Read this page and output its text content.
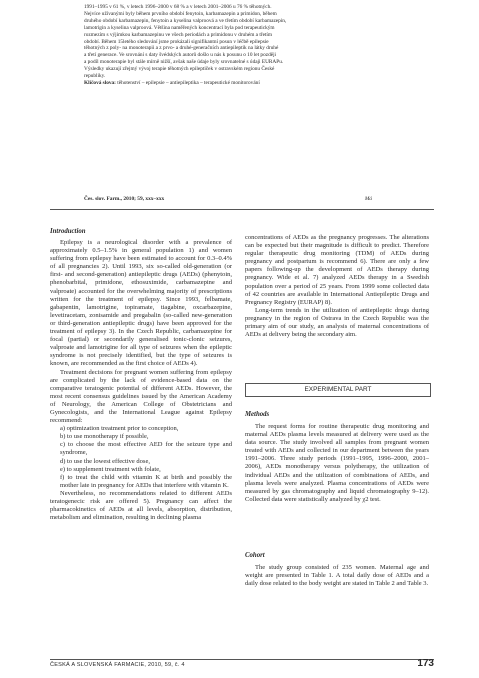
1991–1995 v 61 %, v letech 1996–2000 v 68 % a v letech 2001–2006 u 76 % těhotných.

Nejvíce užívanými byly během prvního období fenytoin, karbamazepin a primidon, během

druhého období karbamazepin, fenytoin a kyselina valproová a ve třetím období karbamazepin,

lamotrigin a kyselina valproová. Většina naměřených koncentrací byla pod terapeutickým

rozmezím s výjimkou karbamazepinu ve všech periodách a primidonu v druhém a třetím

období. Během 15letého sledování jsme prokázali signifikantní posun v léčbě epilepsie

těhotných z poly- na monoterapii a z prvo- a druhé-generačních antiepileptik na látky druhé

a třetí generace. Ve srovnání s daty švédských autorů došlo u nás k posunu o 10 let později

a podíl monoterapie byl stále mírně nižší, avšak naše údaje byly srovnatelné s údaji EURAPu.

Výsledky ukazují zřejmý vývoj terapie těhotných epileptiček v ostravském regionu České

republiky.

Klíčová slova: těhotenství – epilepsie – antiepileptika – terapeutické monitorování

Čes. slov. Farm., 2010; 59, xxx–xxx	Má
Introduction

Epilepsy is a neurological disorder with a prevalence of approximately 0.5–1.5% in general population 1) and women suffering from epilepsy have been estimated to account for 0.3–0.4% of all pregnancies 2). Until 1993, six so-called old-generation (or first- and second-generation) antiepileptic drugs (AEDs) (phenytoin, phenobarbital, primidone, ethosuximide, carbamazepine and valproate) accounted for the overwhelming majority of prescriptions written for the treatment of epilepsy. Since 1993, felbamate, gabapentin, lamotrigine, topiramate, tiagabine, oxcarbazepine, levetiracetam, zonisamide and pregabalin (so-called new-generation or third-generation antiepileptic drugs) have been approved for the treatment of epilepsy 3). In the Czech Republic, carbamazepine for focal (partial) or secondarily generalised tonic-clonic seizures, valproate and lamotrigine for all type of seizures when the epileptic syndrome is not precisely identified, but the type of seizures is known, are recommended as the first choice of AEDs 4).

Treatment decisions for pregnant women suffering from epilepsy are complicated by the lack of evidence-based data on the comparative teratogenic potential of different AEDs. However, the most recent consensus guidelines issued by the American Academy of Neurology, the American College of Obstetricians and Gynecologists, and the International League against Epilepsy recommend:

a) optimization treatment prior to conception,

b) to use monotherapy if possible,

c) to choose the most effective AED for the seizure type and syndrome,

d) to use the lowest effective dose,

e) to supplement treatment with folate,

f) to treat the child with vitamin K at birth and possibly the mother late in pregnancy for AEDs that interfere with vitamin K.

Nevertheless, no recommendations related to different AEDs teratogenecic risk are offered 5). Pregnancy can affect the pharmacokinetics of AEDs at all levels, absorption, distribution, metabolism and elimination, resulting in declining plasma

concentrations of AEDs as the pregnancy progresses. The alterations can be expected but their magnitude is difficult to predict. Therefore regular therapeutic drug monitoring (TDM) of AEDs during pregnancy and postpartum is recommend 6). There are only a few papers following-up the development of AEDs therapy during pregnancy. Wide et al. 7) analyzed AEDs therapy in a Swedish population over a period of 25 years. From 1999 some collected data of 42 countries are available in International Antiepileptic Drugs and Pregnancy Registry (EURAP) 8).

Long-term trends in the utilization of antiepileptic drugs during pregnancy in the region of Ostrava in the Czech Republic was the primary aim of our study, an analysis of maternal concentrations of AEDs at delivery being the secondary aim.

EXPERIMENTAL PART
Methods

The request forms for routine therapeutic drug monitoring and maternal AEDs plasma levels measured at delivery were used as the data source. The study involved all samples from pregnant women treated with AEDs and collected in our department between the years 1991–2006. Three study periods (1991–1995, 1996–2000, 2001–2006), AEDs monotherapy versus polytherapy, the utilization of individual AEDs and the utilization of combinations of AEDs, and plasma levels were analyzed. Plasma concentrations of AEDs were measured by gas chromatography and liquid chromatography 9–12). Collected data were statistically analyzed by χ2 test.

Cohort

The study group consisted of 235 women. Maternal age and weight are presented in Table 1. A total daily dose of AEDs and a daily dose related to the body weight are stated in Table 2 and Table 3.

ČESKÁ A SLOVENSKÁ FARMACIE, 2010, 59, č. 4	173
